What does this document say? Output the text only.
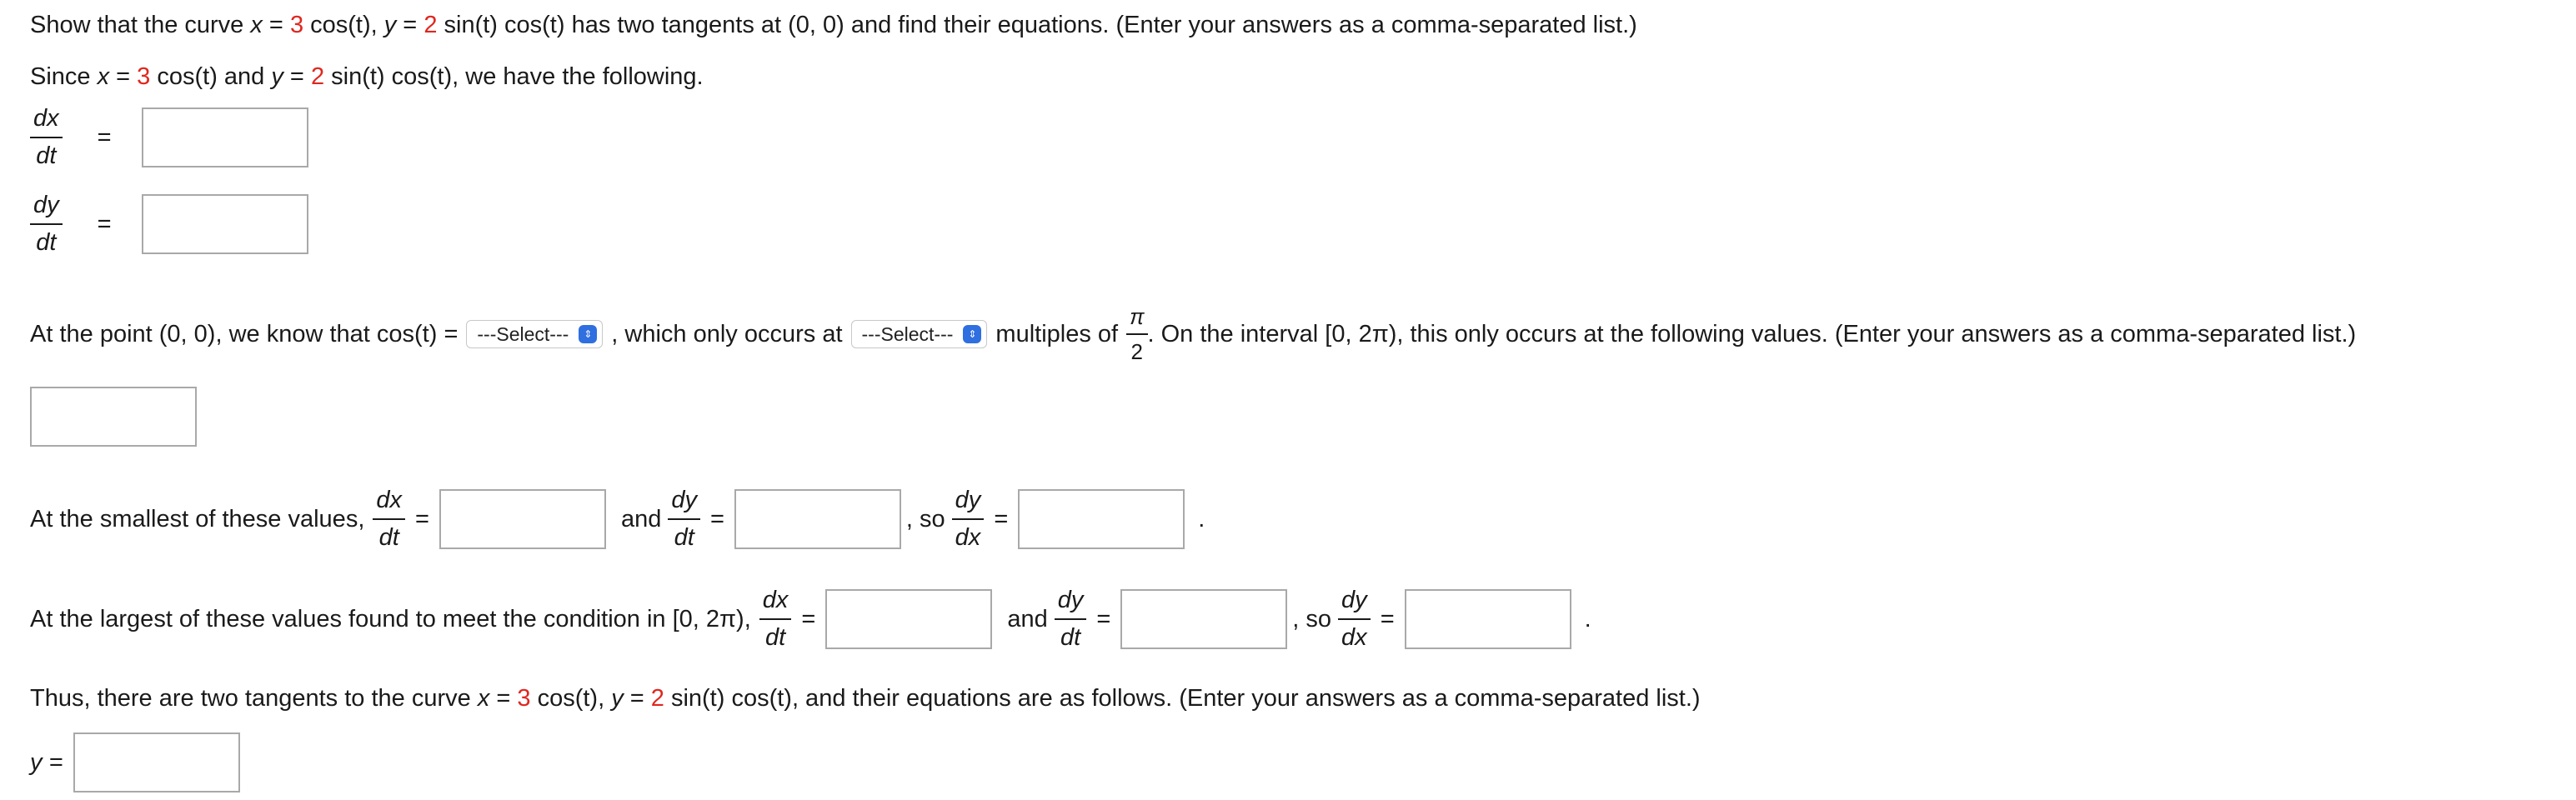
Show that the curve x = 3 cos(t), y = 2 sin(t) cos(t) has two tangents at (0, 0) and find their equations. (Enter your answers as a comma-separated list.)
Since x = 3 cos(t) and y = 2 sin(t) cos(t), we have the following.
$\frac{dx}{dt}$ =
$\frac{dy}{dt}$ =
At the point (0, 0), we know that cos(t) = ---Select---	⇕ , which only occurs at ---Select---	⇕ multiples of $\frac{\pi}{2}$ . On the interval [0, 2π), this only occurs at the following values. (Enter your answers as a comma-separated list.)
At the smallest of these values, $\frac{dx}{dt}$ =	and $\frac{dy}{dt}$ =	, so $\frac{dy}{dx}$ =	.
At the largest of these values found to meet the condition in [0, 2π), $\frac{dx}{dt}$ =	and $\frac{dy}{dt}$ =	, so $\frac{dy}{dx}$ =	.
Thus, there are two tangents to the curve x = 3 cos(t), y = 2 sin(t) cos(t), and their equations are as follows. (Enter your answers as a comma-separated list.)
y =
